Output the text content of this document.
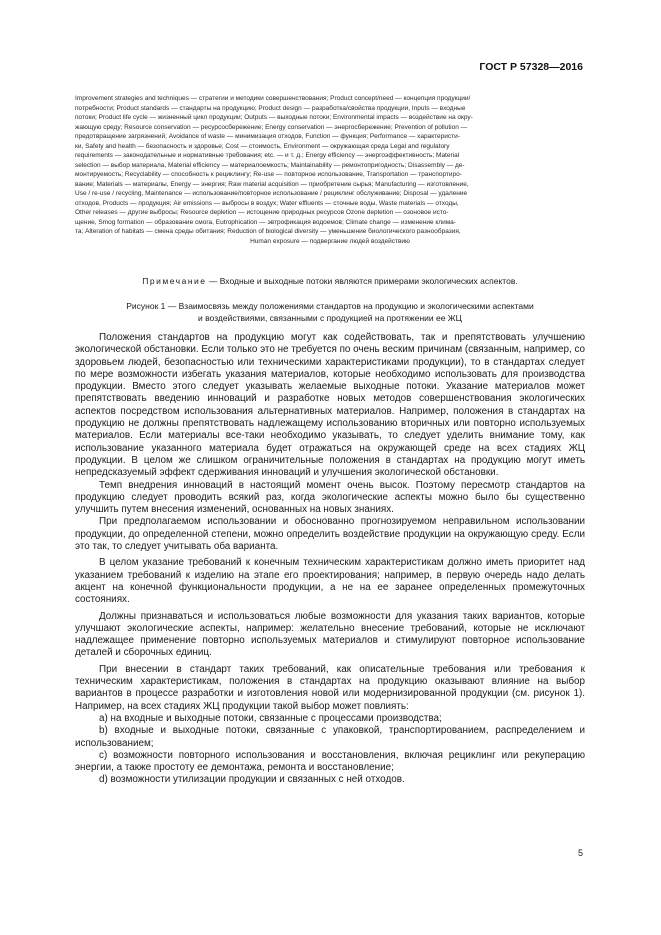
ГОСТ Р 57328—2016

Improvement strategies and techniques — стратегии и методики совершенствования; Product concept/need — концепция продукции/

потребности; Product standards — стандарты на продукцию; Product design — разработка/свойства продукции, Inputs — входные

потоки; Product life cycle — жизненный цикл продукции; Outputs — выходные потоки; Environmental impacts — воздействие на окру-

жающую среду; Resource conservation — ресурсосбережение; Energy conservation — энергосбережение; Prevention of pollution —

предотвращение загрязнений; Avoidance of waste — минимизация отходов, Function — функция; Performance — характеристи-

ки, Safety and health — безопасность и здоровье; Cost — стоимость, Environment — окружающая среда Legal and regulatory

requirements — законодательные и нормативные требования; etc. — и т. д.; Energy efficiency — энергоэффективность; Material

selection — выбор материала, Material efficiency — материалоемкость; Maintainability — ремонтопригодность; Disassembly — де-

монтируемость; Recyclability — способность к рециклингу; Re-use — повторное использование, Transportation — транспортиро-

вание; Materials — материалы, Energy — энергия; Raw material acquisition — приобретение сырья; Manufacturing — изготовление,

Use / re-use / recycling, Maintenance — использование/повторное использование / рециклинг обслуживание; Disposal — удаление

отходов, Products — продукция; Air emissions — выбросы в воздух; Water effluents — сточные воды, Waste materials — отходы,

Other releases — другие выбросы; Resource depletion — истощение природных ресурсов Ozone depletion — озоновое исто-

щение, Smog formation — образование смога, Eutrophication — эвтрофикация водоемов; Climate change — изменение клима-

та; Alteration of habitats — смена среды обитания; Reduction of biological diversity — уменьшение биологического разнообразия,

Human exposure — подвергание людей воздействию

Примечание — Входные и выходные потоки являются примерами экологических аспектов.

Рисунок 1 — Взаимосвязь между положениями стандартов на продукцию и экологическими аспектами

и воздействиями, связанными с продукцией на протяжении ее ЖЦ

Положения стандартов на продукцию могут как содействовать, так и препятствовать улучшению экологической обстановки. Если только это не требуется по очень веским причинам (связанным, например, со здоровьем людей, безопасностью или техническими характеристиками продукции), то в стандартах следует по мере возможности избегать указания материалов, которые необходимо использовать для производства продукции. Вместо этого следует указывать желаемые выходные потоки. Указание материалов может препятствовать введению инноваций и разработке новых методов совершенствования экологических аспектов посредством использования альтернативных материалов. Например, положения в стандартах на продукцию не должны препятствовать надлежащему использованию вторичных или повторно используемых материалов. Если материалы все-таки необходимо указывать, то следует уделить внимание тому, как использование указанного материала будет отражаться на окружающей среде на всех стадиях ЖЦ продукции. В целом же слишком ограничительные положения в стандартах на продукцию могут иметь непредсказуемый эффект сдерживания инноваций и улучшения экологической обстановки.

Темп внедрения инноваций в настоящий момент очень высок. Поэтому пересмотр стандартов на продукцию следует проводить всякий раз, когда экологические аспекты можно было бы существенно улучшить путем внесения изменений, основанных на новых знаниях.

При предполагаемом использовании и обоснованно прогнозируемом неправильном использовании продукции, до определенной степени, можно определить воздействие продукции на окружающую среду. Если это так, то следует учитывать оба варианта.

В целом указание требований к конечным техническим характеристикам должно иметь приоритет над указанием требований к изделию на этапе его проектирования; например, в первую очередь надо делать акцент на конечной функциональности продукции, а не на ее заранее определенных промежуточных состояниях.

Должны признаваться и использоваться любые возможности для указания таких вариантов, которые улучшают экологические аспекты, например: желательно внесение требований, которые не исключают надлежащее применение повторно используемых материалов и стимулируют повторное использование деталей и сборочных единиц.

При внесении в стандарт таких требований, как описательные требования или требования к техническим характеристикам, положения в стандартах на продукцию оказывают влияние на выбор вариантов в процессе разработки и изготовления новой или модернизированной продукции (см. рисунок 1). Например, на всех стадиях ЖЦ продукции такой выбор может повлиять:

a) на входные и выходные потоки, связанные с процессами производства;

b) входные и выходные потоки, связанные с упаковкой, транспортированием, распределением и использованием;

c) возможности повторного использования и восстановления, включая рециклинг или рекуперацию энергии, а также простоту ее демонтажа, ремонта и восстановление;

d) возможности утилизации продукции и связанных с ней отходов.

5
